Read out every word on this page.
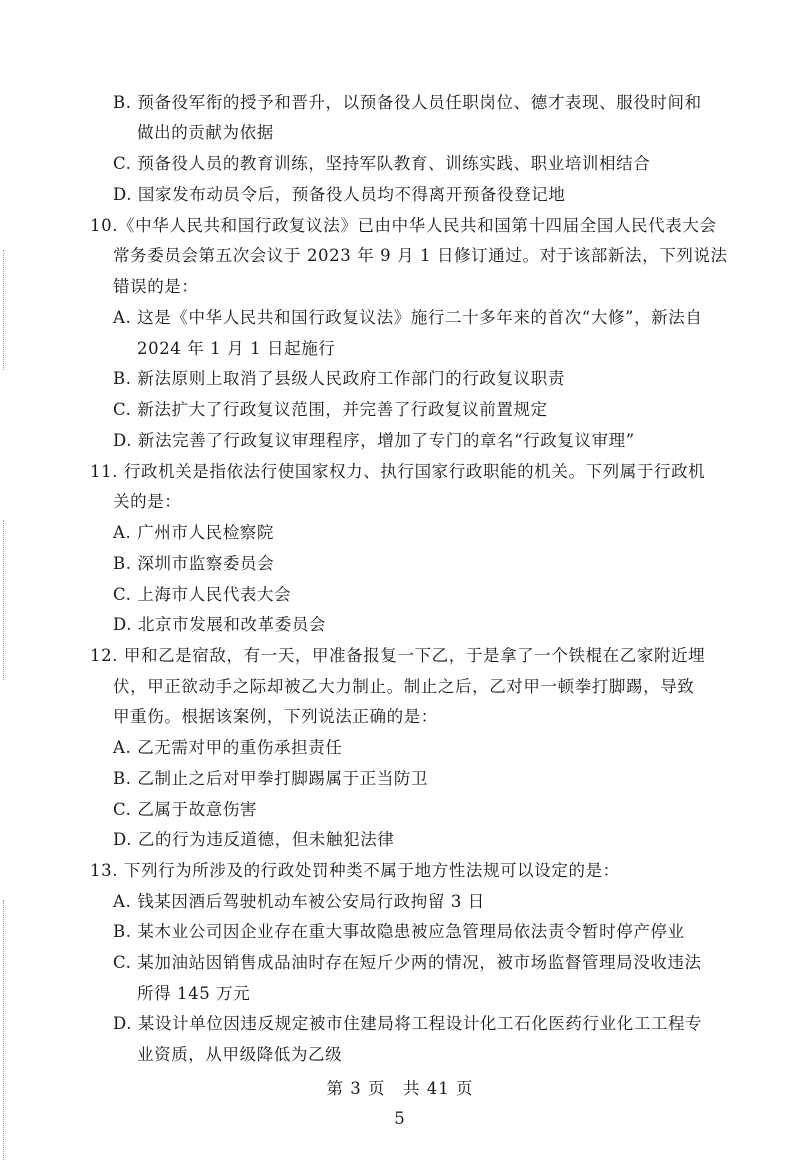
B. 预备役军衔的授予和晋升，以预备役人员任职岗位、德才表现、服役时间和
做出的贡献为依据
C. 预备役人员的教育训练，坚持军队教育、训练实践、职业培训相结合
D. 国家发布动员令后，预备役人员均不得离开预备役登记地
10.《中华人民共和国行政复议法》已由中华人民共和国第十四届全国人民代表大会
常务委员会第五次会议于 2023 年 9 月 1 日修订通过。对于该部新法，下列说法
错误的是：
A. 这是《中华人民共和国行政复议法》施行二十多年来的首次“大修”，新法自
2024 年 1 月 1 日起施行
B. 新法原则上取消了县级人民政府工作部门的行政复议职责
C. 新法扩大了行政复议范围，并完善了行政复议前置规定
D. 新法完善了行政复议审理程序，增加了专门的章名“行政复议审理”
11. 行政机关是指依法行使国家权力、执行国家行政职能的机关。下列属于行政机
关的是：
A. 广州市人民检察院
B. 深圳市监察委员会
C. 上海市人民代表大会
D. 北京市发展和改革委员会
12. 甲和乙是宿敌，有一天，甲准备报复一下乙，于是拿了一个铁棍在乙家附近埋
伏，甲正欲动手之际却被乙大力制止。制止之后，乙对甲一顿拳打脚踢，导致
甲重伤。根据该案例，下列说法正确的是：
A. 乙无需对甲的重伤承担责任
B. 乙制止之后对甲拳打脚踢属于正当防卫
C. 乙属于故意伤害
D. 乙的行为违反道德，但未触犯法律
13. 下列行为所涉及的行政处罚种类不属于地方性法规可以设定的是：
A. 钱某因酒后驾驶机动车被公安局行政拘留 3 日
B. 某木业公司因企业存在重大事故隐患被应急管理局依法责令暂时停产停业
C. 某加油站因销售成品油时存在短斤少两的情况，被市场监督管理局没收违法
所得 145 万元
D. 某设计单位因违反规定被市住建局将工程设计化工石化医药行业化工工程专
业资质，从甲级降低为乙级
第 3 页　共 41 页
5
